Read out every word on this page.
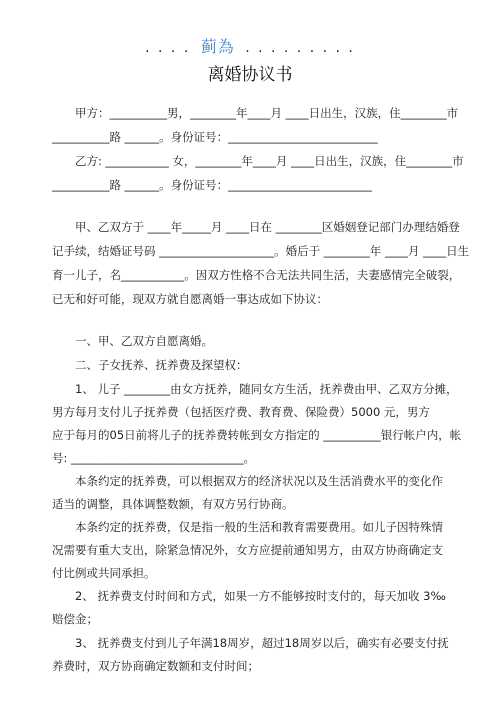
. . . . 蓟為 . . . . . . . . .
离婚协议书
甲方：__________男，________年____月 ____日出生，汉族，住________市
__________路 ______。身份证号：__________________________
乙方: ___________ 女，________年____月 ____日出生，汉族，住________市
__________路 ______。身份证号：_________________________
甲、乙双方于 ____年_____月 ____日在 ________区婚姻登记部门办理结婚登
记手续，结婚证号码 ____________________。婚后于 ________年 ____月 ____日生
育一儿子，名___________。因双方性格不合无法共同生活，夫妻感情完全破裂，
已无和好可能，现双方就自愿离婚一事达成如下协议：
一、甲、乙双方自愿离婚。
二、子女抚养、抚养费及探望权：
1、 儿子 ________由女方抚养，随同女方生活，抚养费由甲、乙双方分摊，
男方每月支付儿子抚养费（包括医疗费、教育费、保险费）5000 元，男方
应于每月的05日前将儿子的抚养费转帐到女方指定的 __________银行帐户内，帐
号: ______________________________。
本条约定的抚养费，可以根据双方的经济状况以及生活消费水平的变化作
适当的调整，具体调整数额，有双方另行协商。
本条约定的抚养费，仅是指一般的生活和教育需要费用。如儿子因特殊情
况需要有重大支出，除紧急情况外，女方应提前通知男方，由双方协商确定支
付比例或共同承担。
2、 抚养费支付时间和方式，如果一方不能够按时支付的，每天加收 3‰
赔偿金；
3、 抚养费支付到儿子年满18周岁，超过18周岁以后，确实有必要支付抚
养费时，双方协商确定数额和支付时间；
